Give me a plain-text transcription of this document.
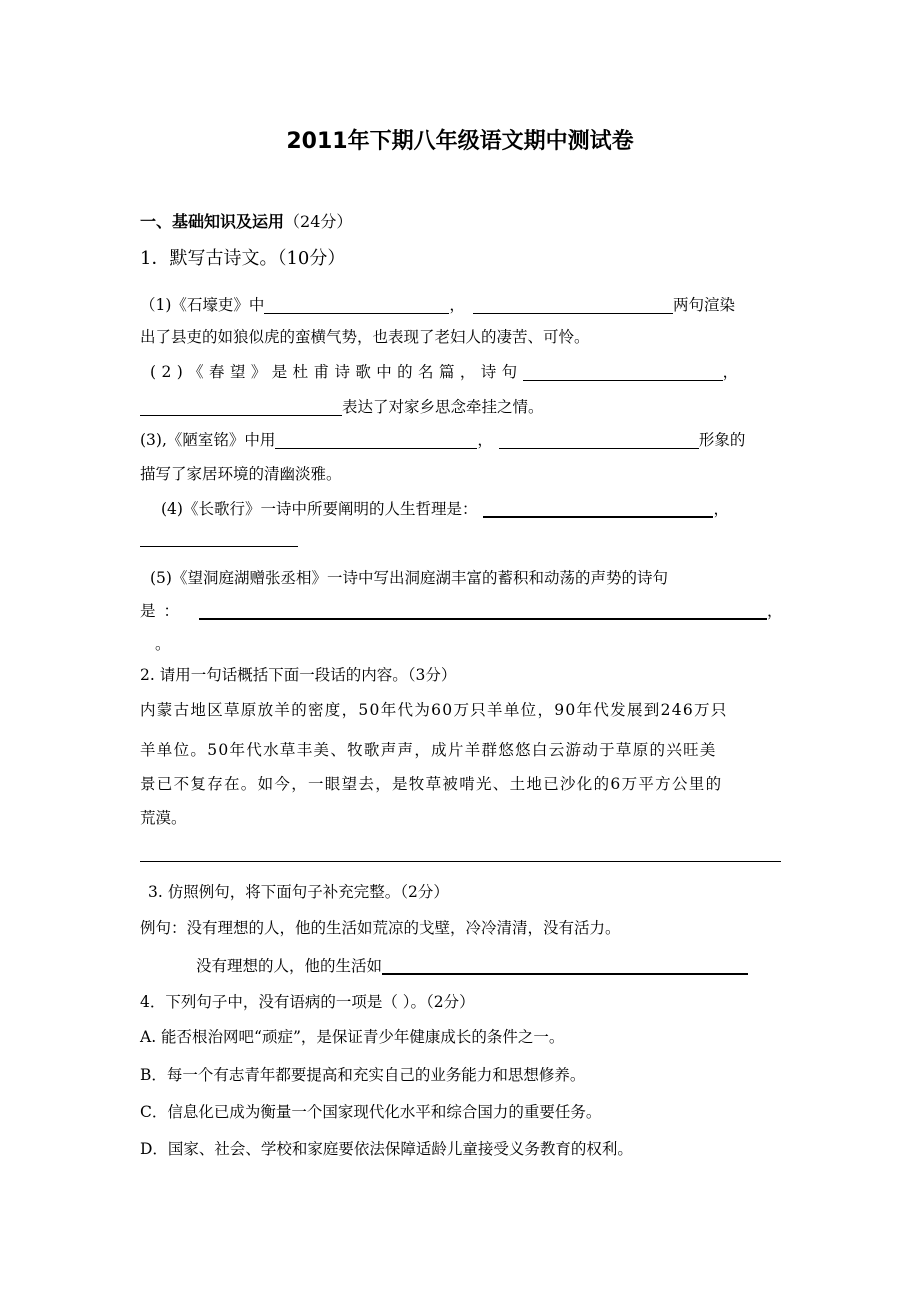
2011年下期八年级语文期中测试卷
一、基础知识及运用（24分）
1．默写古诗文。（10分）
（1)《石壕吏》中	，	两句渲染
出了县吏的如狼似虎的蛮横气势，也表现了老妇人的凄苦、可怜。
(2)《春望》是杜甫诗歌中的名篇，诗句	，
表达了对家乡思念牵挂之情。
(3),《陋室铭》中用	，	形象的
描写了家居环境的清幽淡雅。
(4)《长歌行》一诗中所要阐明的人生哲理是：	，
(5)《望洞庭湖赠张丞相》一诗中写出洞庭湖丰富的蓄积和动荡的声势的诗句
是：	，
。
2. 请用一句话概括下面一段话的内容。（3分）
内蒙古地区草原放羊的密度，50年代为60万只羊单位，90年代发展到246万只
羊单位。50年代水草丰美、牧歌声声，成片羊群悠悠白云游动于草原的兴旺美
景已不复存在。如今，一眼望去，是牧草被啃光、土地已沙化的6万平方公里的
荒漠。
3. 仿照例句，将下面句子补充完整。（2分）
例句：没有理想的人，他的生活如荒凉的戈壁，冷冷清清，没有活力。
没有理想的人，他的生活如
4．下列句子中，没有语病的一项是（ ）。（2分）
A. 能否根治网吧“顽症”，是保证青少年健康成长的条件之一。
B．每一个有志青年都要提高和充实自己的业务能力和思想修养。
C．信息化已成为衡量一个国家现代化水平和综合国力的重要任务。
D．国家、社会、学校和家庭要依法保障适龄儿童接受义务教育的权利。
